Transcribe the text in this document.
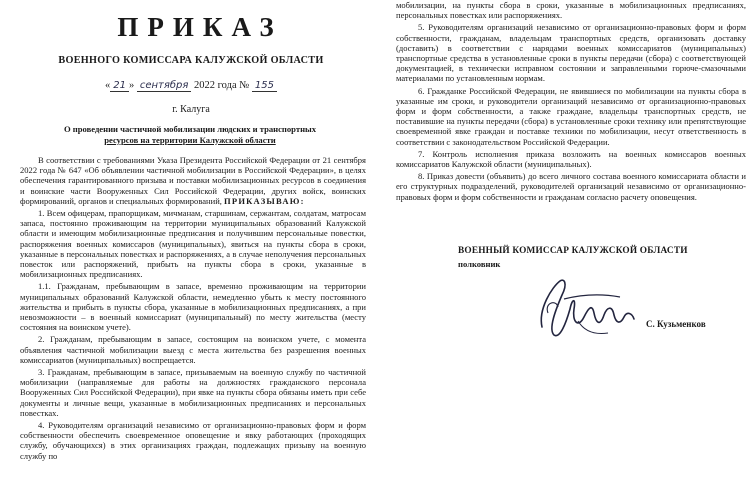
ПРИКАЗ
ВОЕННОГО КОМИССАРА КАЛУЖСКОЙ ОБЛАСТИ
« 21 » сентября 2022 года № 155
г. Калуга
О проведении частичной мобилизации людских и транспортных
ресурсов на территории Калужской области

В соответствии с требованиями Указа Президента Российской Федерации от 21 сентября 2022 года № 647 «Об объявлении частичной мобилизации в Российской Федерации», в целях обеспечения гарантированного призыва и поставки мобилизационных ресурсов в соединения и воинские части Вооруженных Сил Российской Федерации, других войск, воинских формирований, органов и специальных формирований, ПРИКАЗЫВАЮ:

1. Всем офицерам, прапорщикам, мичманам, старшинам, сержантам, солдатам, матросам запаса, постоянно проживающим на территории муниципальных образований Калужской области и имеющим мобилизационные предписания и получившим персональные повестки, распоряжения военных комиссаров (муниципальных), явиться на пункты сбора в сроки, указанные в персональных повестках и распоряжениях, а в случае неполучения персональных повесток или распоряжений, прибыть на пункты сбора в сроки, указанные в мобилизационных предписаниях.

1.1. Гражданам, пребывающим в запасе, временно проживающим на территории муниципальных образований Калужской области, немедленно убыть к месту постоянного жительства и прибыть в пункты сбора, указанные в мобилизационных предписаниях, а при невозможности – в военный комиссариат (муниципальный) по месту жительства (месту состояния на воинском учете).

2. Гражданам, пребывающим в запасе, состоящим на воинском учете, с момента объявления частичной мобилизации выезд с места жительства без разрешения военных комиссариатов (муниципальных) воспрещается.

3. Гражданам, пребывающим в запасе, призываемым на военную службу по частичной мобилизации (направляемые для работы на должностях гражданского персонала Вооруженных Сил Российской Федерации), при явке на пункты сбора обязаны иметь при себе документы и личные вещи, указанные в мобилизационных предписаниях и персональных повестках.

4. Руководителям организаций независимо от организационно-правовых форм и форм собственности обеспечить своевременное оповещение и явку работающих (проходящих службу, обучающихся) в этих организациях граждан, подлежащих призыву на военную службу по

мобилизации, на пункты сбора в сроки, указанные в мобилизационных предписаниях, персональных повестках или распоряжениях.

5. Руководителям организаций независимо от организационно-правовых форм и форм собственности, гражданам, владельцам транспортных средств, организовать доставку (доставить) в соответствии с нарядами военных комиссариатов (муниципальных) транспортные средства в установленные сроки в пункты передачи (сбора) с соответствующей документацией, в технически исправном состоянии и заправленными горюче-смазочными материалами по установленным нормам.

6. Гражданке Российской Федерации, не явившиеся по мобилизации на пункты сбора в указанные им сроки, и руководители организаций независимо от организационно-правовых форм и форм собственности, а также граждане, владельцы транспортных средств, не поставившие на пункты передачи (сбора) в установленные сроки технику или препятствующие своевременной явке граждан и поставке техники по мобилизации, несут ответственность в соответствии с законодательством Российской Федерации.

7. Контроль исполнения приказа возложить на военных комиссаров военных комиссариатов Калужской области (муниципальных).

8. Приказ довести (объявить) до всего личного состава военного комиссариата области и его структурных подразделений, руководителей организаций независимо от организационно-правовых форм и форм собственности и гражданам согласно расчету оповещения.

ВОЕННЫЙ КОМИССАР КАЛУЖСКОЙ ОБЛАСТИ
полковник
С. Кузьменков
